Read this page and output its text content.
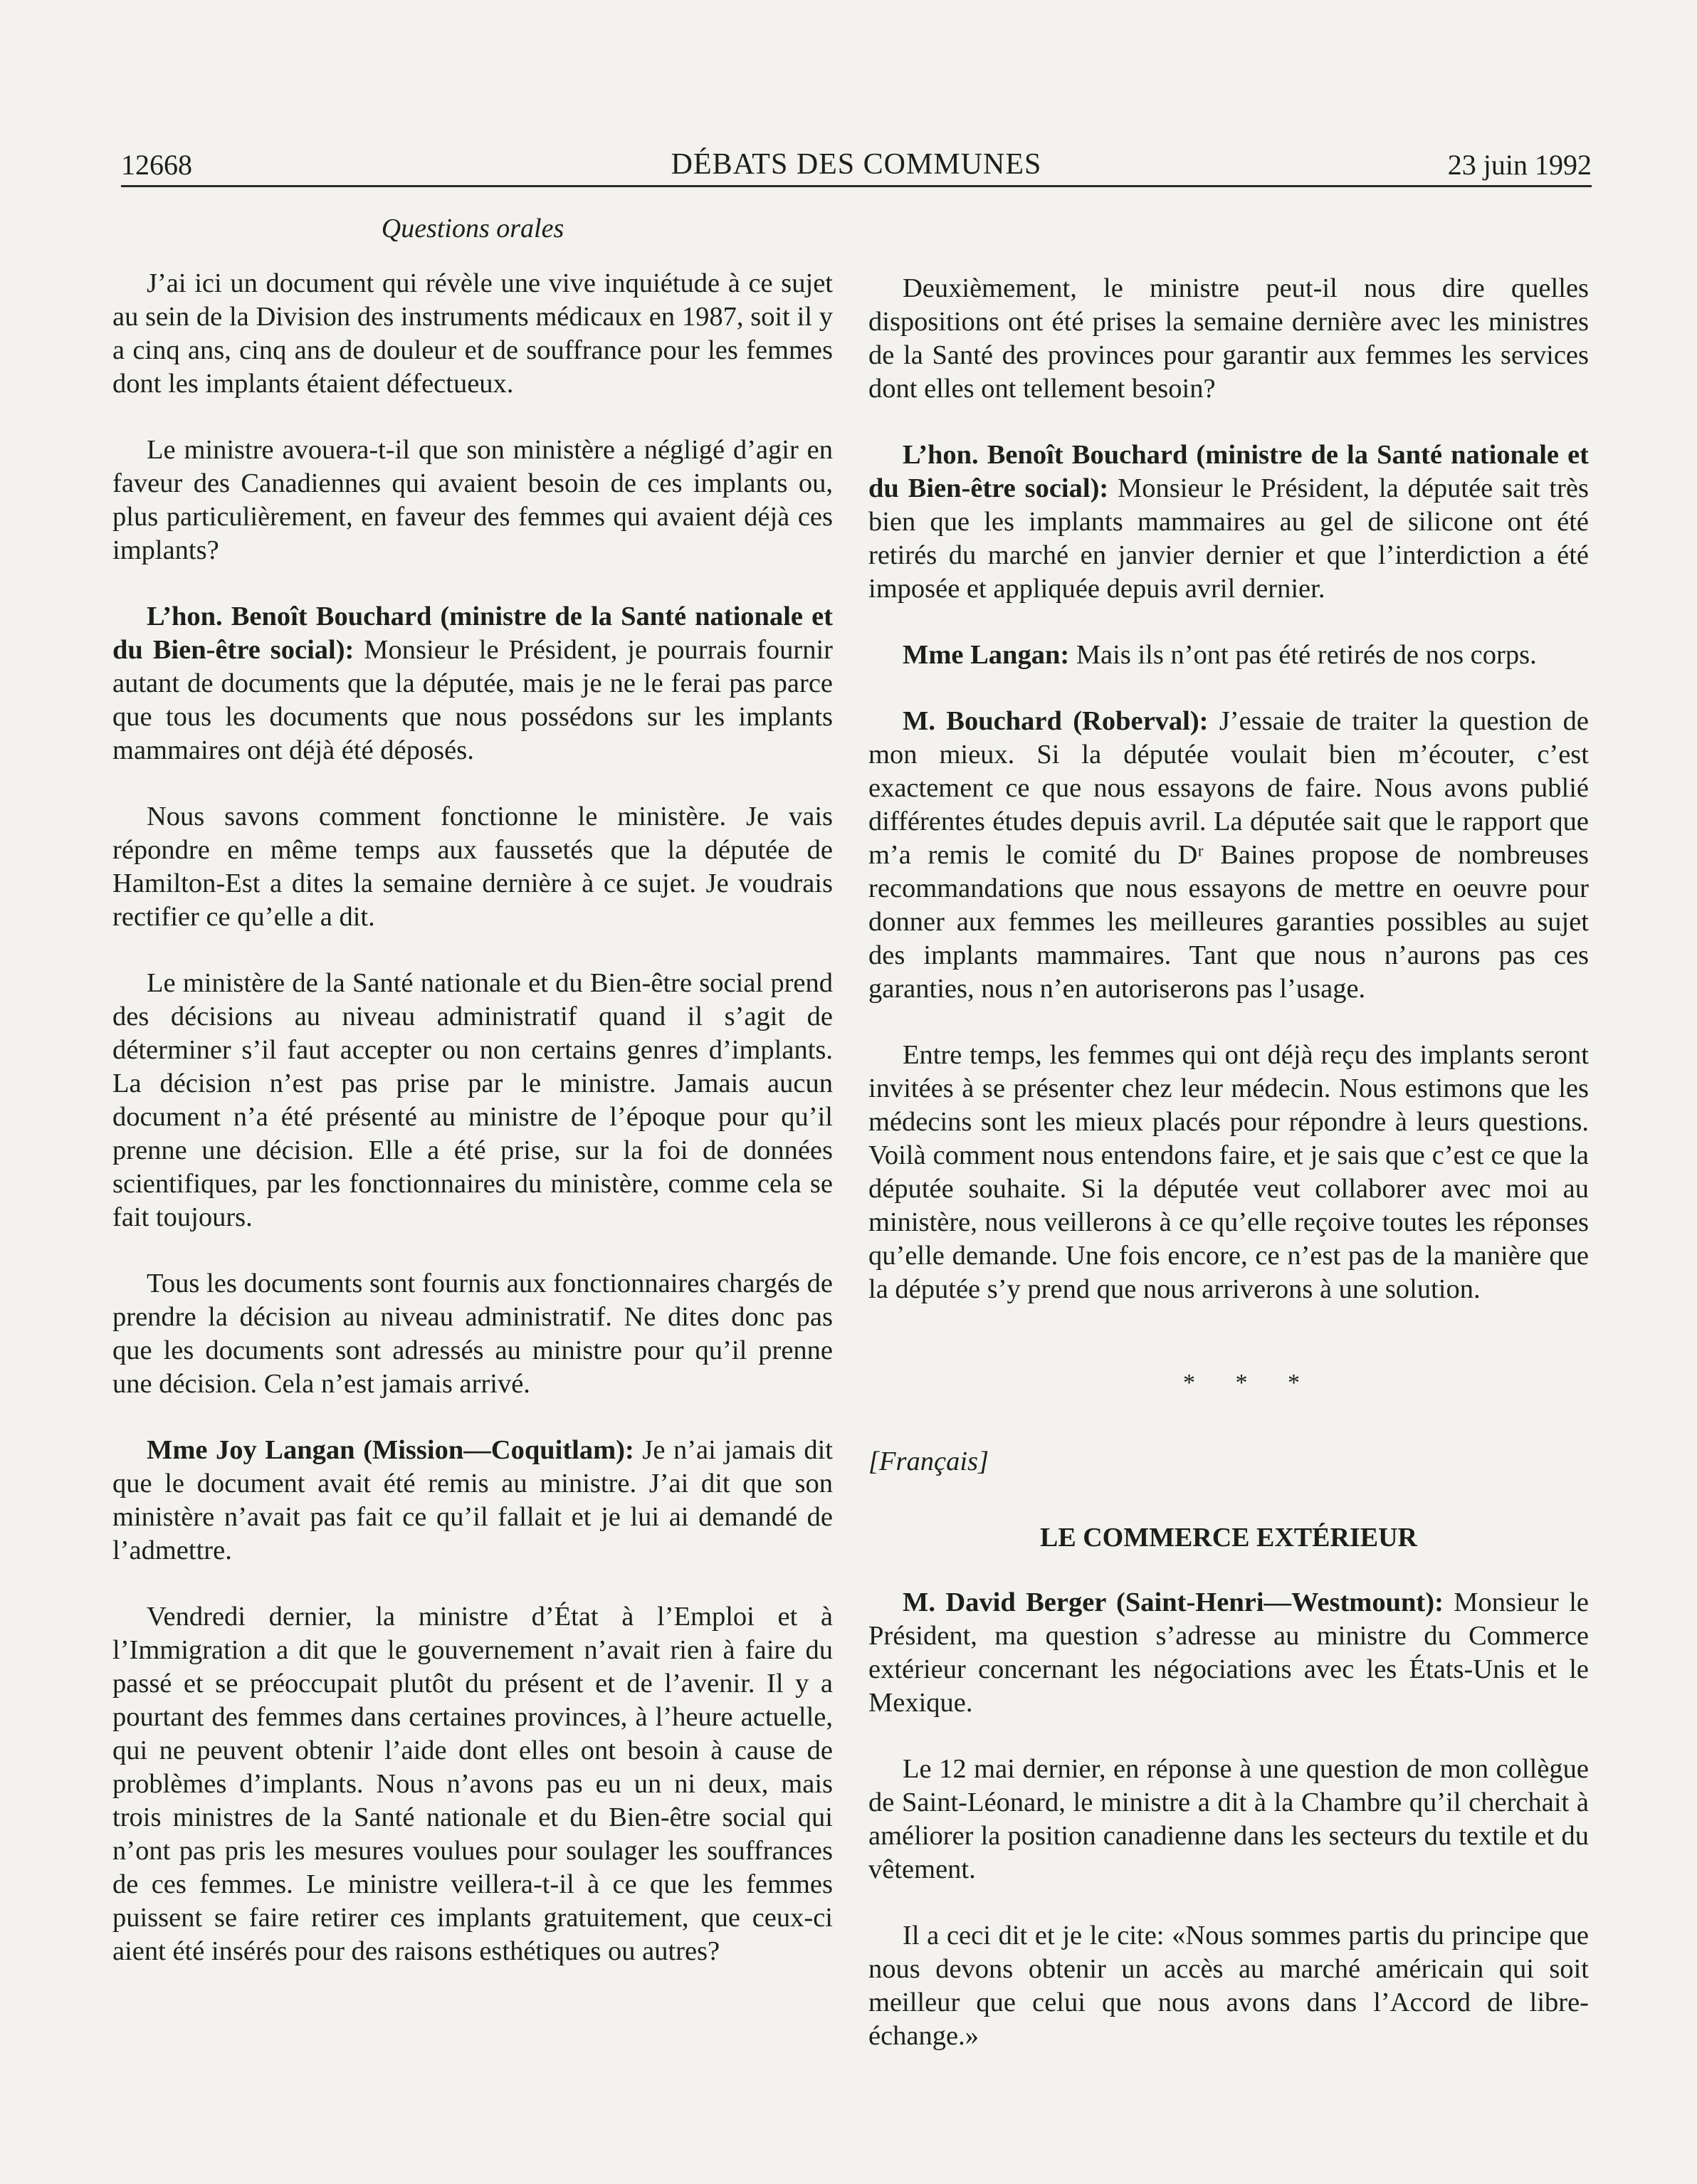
12668	DÉBATS DES COMMUNES	23 juin 1992
Questions orales

J’ai ici un document qui révèle une vive inquiétude à ce sujet au sein de la Division des instruments médicaux en 1987, soit il y a cinq ans, cinq ans de douleur et de souffrance pour les femmes dont les implants étaient défectueux.

Le ministre avouera-t-il que son ministère a négligé d’agir en faveur des Canadiennes qui avaient besoin de ces implants ou, plus particulièrement, en faveur des femmes qui avaient déjà ces implants?

L’hon. Benoît Bouchard (ministre de la Santé nationale et du Bien-être social): Monsieur le Président, je pourrais fournir autant de documents que la députée, mais je ne le ferai pas parce que tous les documents que nous possédons sur les implants mammaires ont déjà été déposés.

Nous savons comment fonctionne le ministère. Je vais répondre en même temps aux faussetés que la députée de Hamilton-Est a dites la semaine dernière à ce sujet. Je voudrais rectifier ce qu’elle a dit.

Le ministère de la Santé nationale et du Bien-être social prend des décisions au niveau administratif quand il s’agit de déterminer s’il faut accepter ou non certains genres d’implants. La décision n’est pas prise par le ministre. Jamais aucun document n’a été présenté au ministre de l’époque pour qu’il prenne une décision. Elle a été prise, sur la foi de données scientifiques, par les fonctionnaires du ministère, comme cela se fait toujours.

Tous les documents sont fournis aux fonctionnaires chargés de prendre la décision au niveau administratif. Ne dites donc pas que les documents sont adressés au ministre pour qu’il prenne une décision. Cela n’est jamais arrivé.

Mme Joy Langan (Mission—Coquitlam): Je n’ai jamais dit que le document avait été remis au ministre. J’ai dit que son ministère n’avait pas fait ce qu’il fallait et je lui ai demandé de l’admettre.

Vendredi dernier, la ministre d’État à l’Emploi et à l’Immigration a dit que le gouvernement n’avait rien à faire du passé et se préoccupait plutôt du présent et de l’avenir. Il y a pourtant des femmes dans certaines provinces, à l’heure actuelle, qui ne peuvent obtenir l’aide dont elles ont besoin à cause de problèmes d’implants. Nous n’avons pas eu un ni deux, mais trois ministres de la Santé nationale et du Bien-être social qui n’ont pas pris les mesures voulues pour soulager les souffrances de ces femmes. Le ministre veillera-t-il à ce que les femmes puissent se faire retirer ces implants gratuitement, que ceux-ci aient été insérés pour des raisons esthétiques ou autres?

Deuxièmement, le ministre peut-il nous dire quelles dispositions ont été prises la semaine dernière avec les ministres de la Santé des provinces pour garantir aux femmes les services dont elles ont tellement besoin?

L’hon. Benoît Bouchard (ministre de la Santé nationale et du Bien-être social): Monsieur le Président, la députée sait très bien que les implants mammaires au gel de silicone ont été retirés du marché en janvier dernier et que l’interdiction a été imposée et appliquée depuis avril dernier.

Mme Langan: Mais ils n’ont pas été retirés de nos corps.

M. Bouchard (Roberval): J’essaie de traiter la question de mon mieux. Si la députée voulait bien m’écouter, c’est exactement ce que nous essayons de faire. Nous avons publié différentes études depuis avril. La députée sait que le rapport que m’a remis le comité du Dʳ Baines propose de nombreuses recommandations que nous essayons de mettre en oeuvre pour donner aux femmes les meilleures garanties possibles au sujet des implants mammaires. Tant que nous n’aurons pas ces garanties, nous n’en autoriserons pas l’usage.

Entre temps, les femmes qui ont déjà reçu des implants seront invitées à se présenter chez leur médecin. Nous estimons que les médecins sont les mieux placés pour répondre à leurs questions. Voilà comment nous entendons faire, et je sais que c’est ce que la députée souhaite. Si la députée veut collaborer avec moi au ministère, nous veillerons à ce qu’elle reçoive toutes les réponses qu’elle demande. Une fois encore, ce n’est pas de la manière que la députée s’y prend que nous arriverons à une solution.

* * *

[Français]

LE COMMERCE EXTÉRIEUR

M. David Berger (Saint-Henri—Westmount): Monsieur le Président, ma question s’adresse au ministre du Commerce extérieur concernant les négociations avec les États-Unis et le Mexique.

Le 12 mai dernier, en réponse à une question de mon collègue de Saint-Léonard, le ministre a dit à la Chambre qu’il cherchait à améliorer la position canadienne dans les secteurs du textile et du vêtement.

Il a ceci dit et je le cite: «Nous sommes partis du principe que nous devons obtenir un accès au marché américain qui soit meilleur que celui que nous avons dans l’Accord de libre-échange.»
